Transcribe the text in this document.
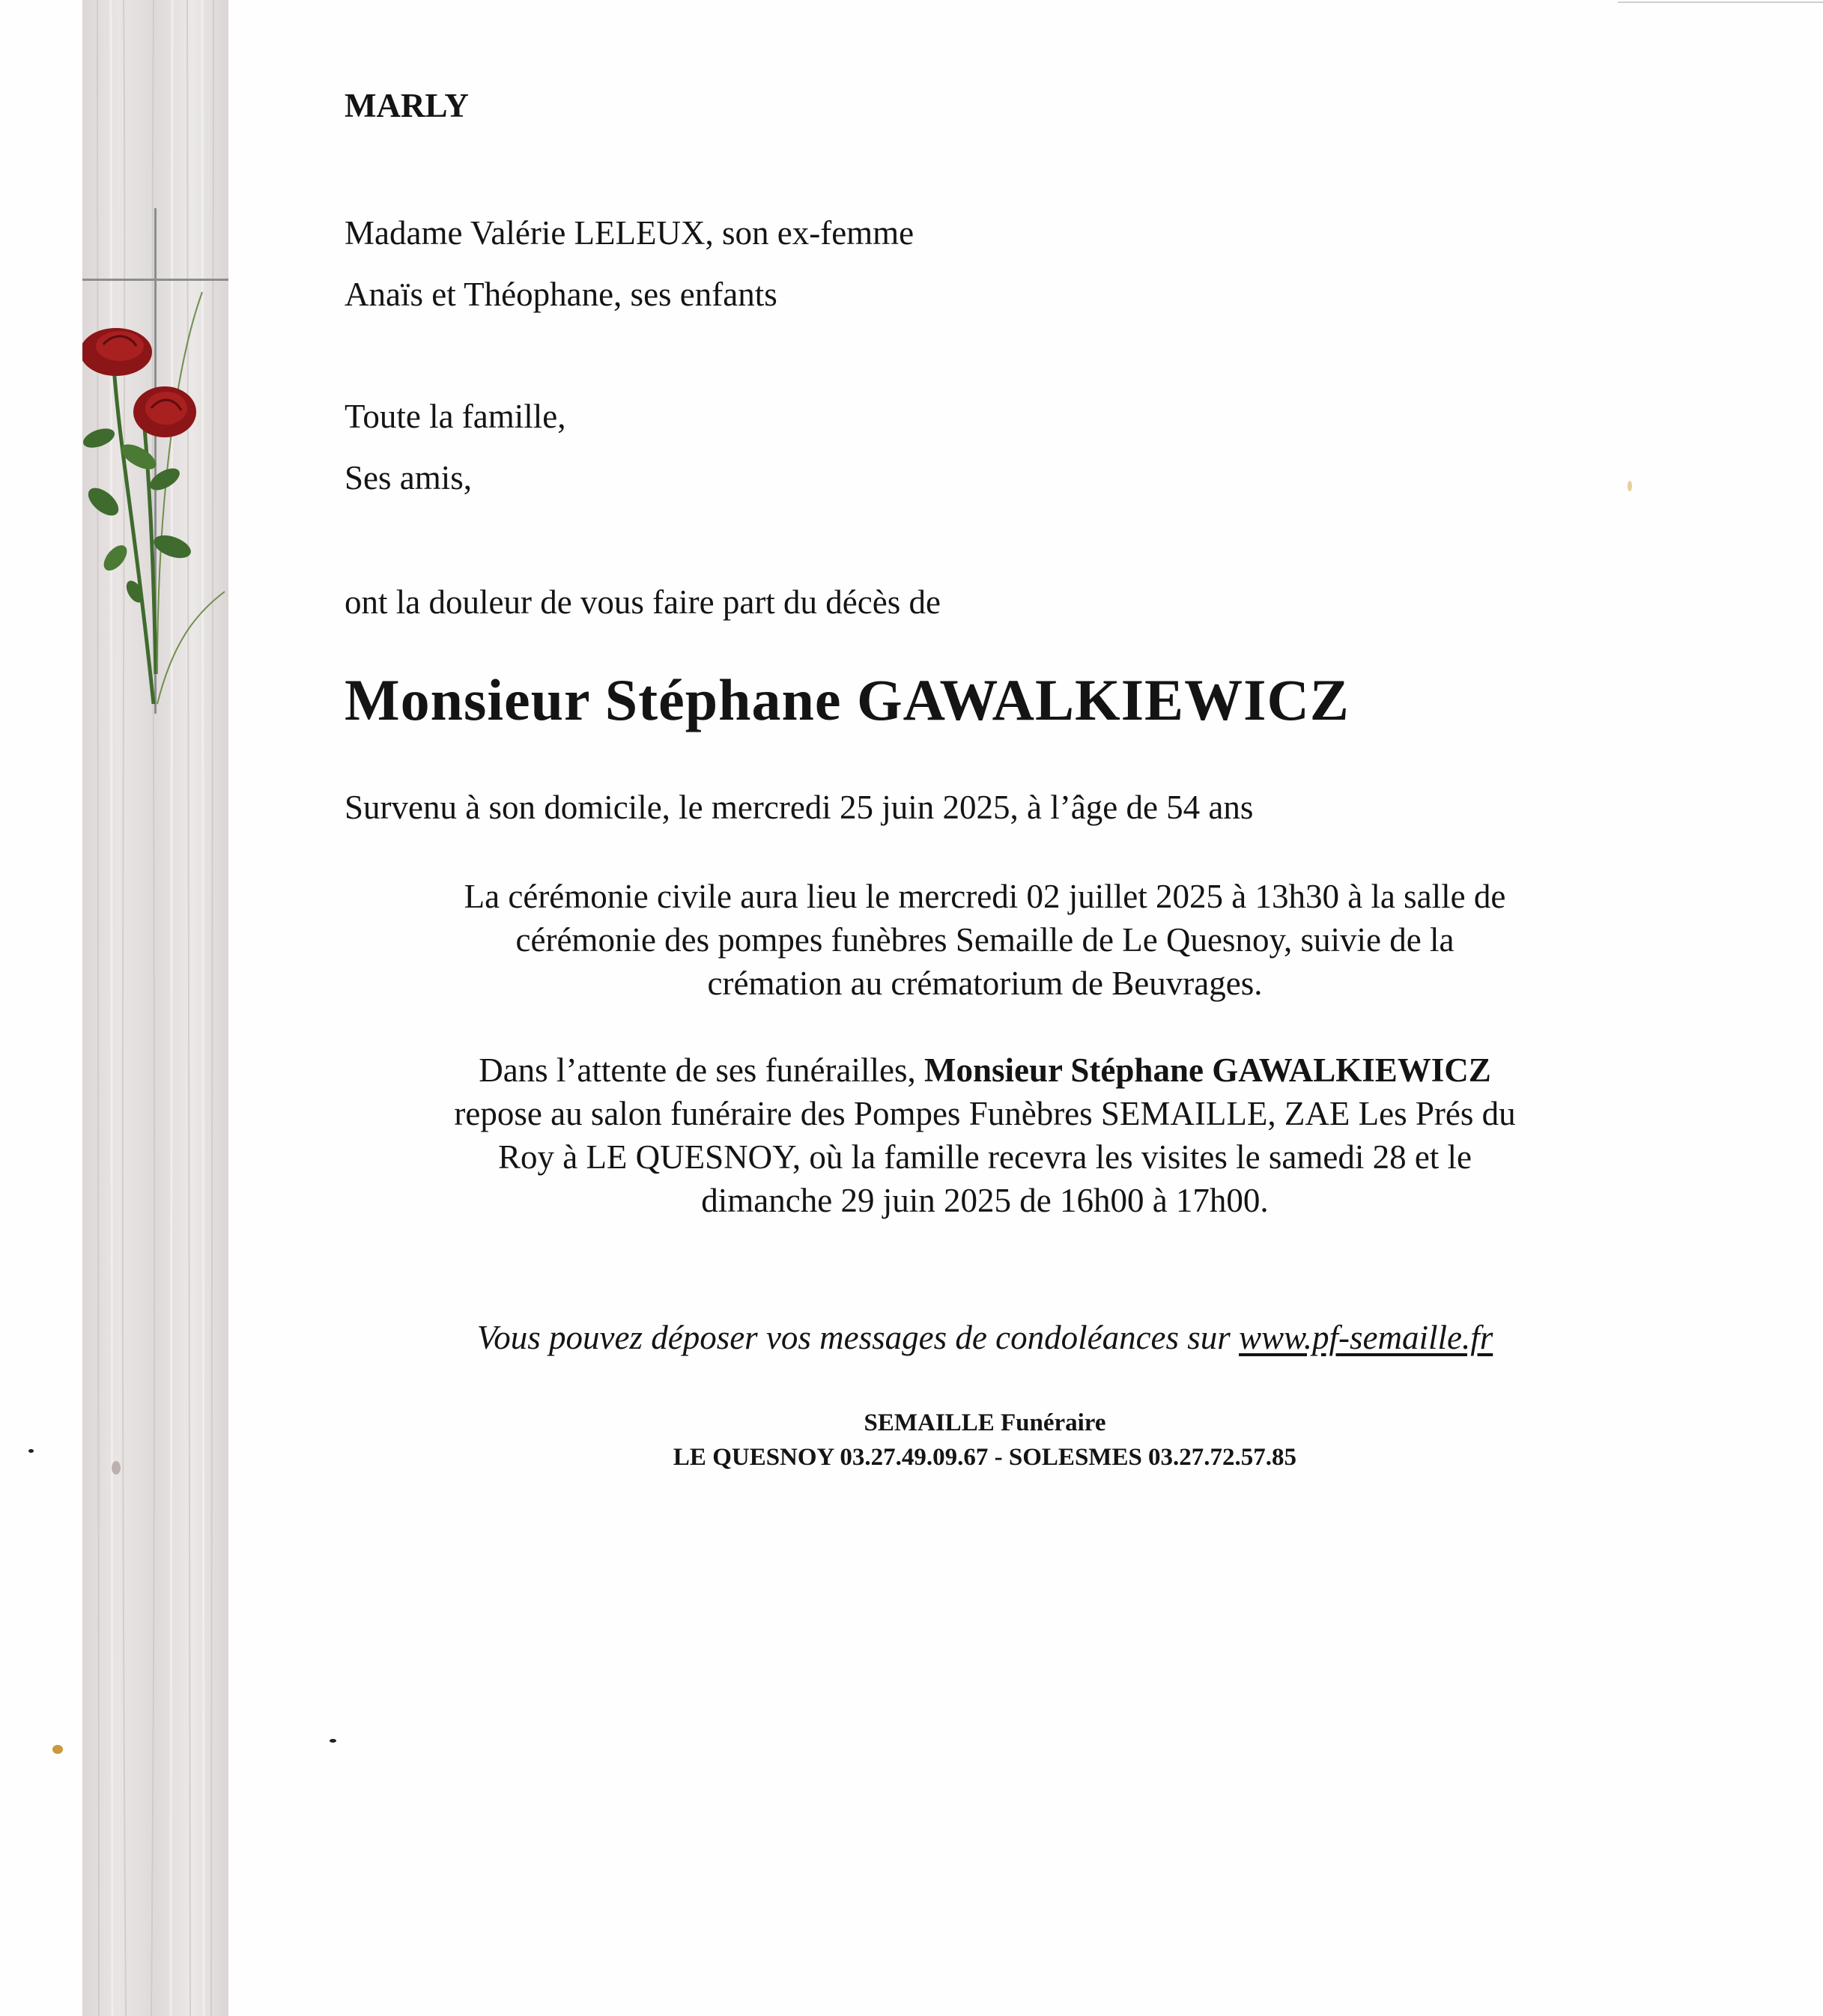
MARLY
Madame Valérie LELEUX, son ex-femme
Anaïs et Théophane, ses enfants
Toute la famille,
Ses amis,
ont la douleur de vous faire part du décès de
Monsieur Stéphane GAWALKIEWICZ
Survenu à son domicile, le mercredi 25 juin 2025, à l’âge de 54 ans
La cérémonie civile aura lieu le mercredi 02 juillet 2025 à 13h30 à la salle de
cérémonie des pompes funèbres Semaille de Le Quesnoy, suivie de la
crémation au crématorium de Beuvrages.
Dans l’attente de ses funérailles, Monsieur Stéphane GAWALKIEWICZ
repose au salon funéraire des Pompes Funèbres SEMAILLE, ZAE Les Prés du
Roy à LE QUESNOY, où la famille recevra les visites le samedi 28 et le
dimanche 29 juin 2025 de 16h00 à 17h00.
Vous pouvez déposer vos messages de condoléances sur www.pf-semaille.fr
SEMAILLE Funéraire
LE QUESNOY 03.27.49.09.67 - SOLESMES 03.27.72.57.85
